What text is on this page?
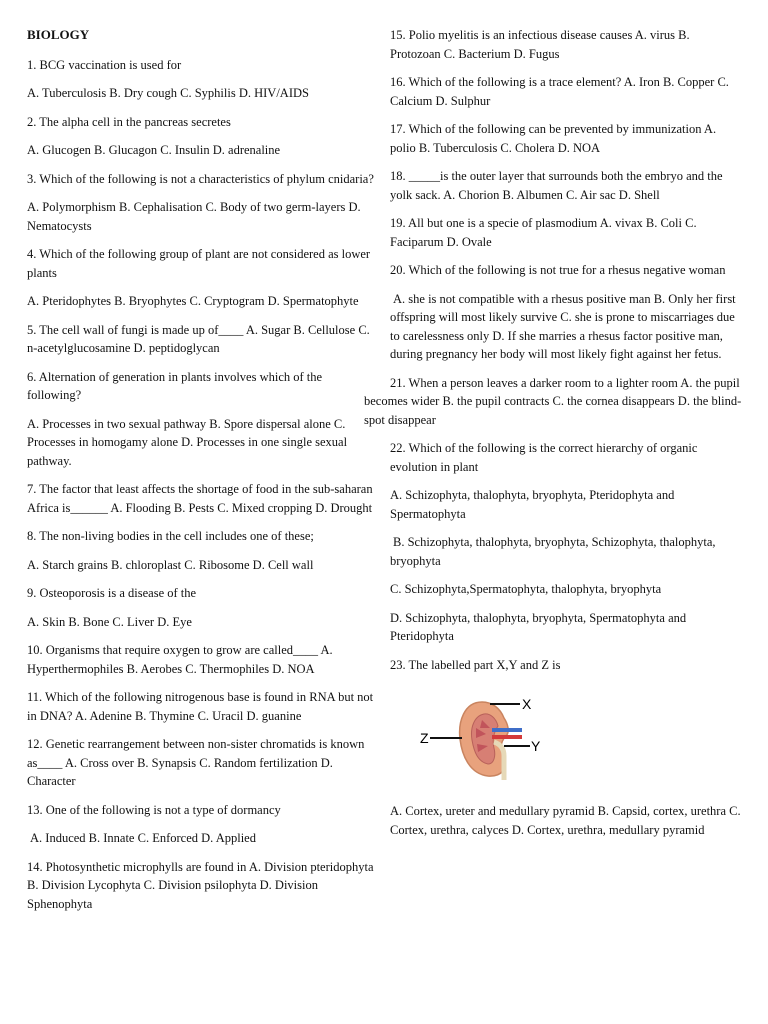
BIOLOGY
1. BCG vaccination is used for
A. Tuberculosis B. Dry cough C. Syphilis D. HIV/AIDS
2. The alpha cell in the pancreas secretes
A. Glucogen B. Glucagon C. Insulin D. adrenaline
3. Which of the following is not a characteristics of phylum cnidaria?
A. Polymorphism B. Cephalisation C. Body of two germ-layers D. Nematocysts
4. Which of the following group of plant are not considered as lower plants
A. Pteridophytes B. Bryophytes C. Cryptogram D. Spermatophyte
5. The cell wall of fungi is made up of____ A. Sugar B. Cellulose C. n-acetylglucosamine D. peptidoglycan
6. Alternation of generation in plants involves which of the following?
A. Processes in two sexual pathway B. Spore dispersal alone C. Processes in homogamy alone D. Processes in one single sexual pathway.
7. The factor that least affects the shortage of food in the sub-saharan Africa is______ A. Flooding B. Pests C. Mixed cropping D. Drought
8. The non-living bodies in the cell includes one of these;
A. Starch grains B. chloroplast C. Ribosome D. Cell wall
9. Osteoporosis is a disease of the
A. Skin B. Bone C. Liver D. Eye
10. Organisms that require oxygen to grow are called____ A. Hyperthermophiles B. Aerobes C. Thermophiles D. NOA
11. Which of the following nitrogenous base is found in RNA but not in DNA? A. Adenine B. Thymine C. Uracil D. guanine
12. Genetic rearrangement between non-sister chromatids is known as____ A. Cross over B. Synapsis C. Random fertilization D. Character
13. One of the following is not a type of dormancy
A. Induced B. Innate C. Enforced D. Applied
14. Photosynthetic microphylls are found in A. Division pteridophyta B. Division Lycophyta C. Division psilophyta D. Division Sphenophyta
15. Polio myelitis is an infectious disease causes A. virus B. Protozoan C. Bacterium D. Fugus
16. Which of the following is a trace element? A. Iron B. Copper C. Calcium D. Sulphur
17. Which of the following can be prevented by immunization A. polio B. Tuberculosis C. Cholera D. NOA
18. _____is the outer layer that surrounds both the embryo and the yolk sack. A. Chorion B. Albumen C. Air sac D. Shell
19. All but one is a specie of plasmodium A. vivax B. Coli C. Faciparum D. Ovale
20. Which of the following is not true for a rhesus negative woman
A. she is not compatible with a rhesus positive man B. Only her first offspring will most likely survive C. she is prone to miscarriages due to carelessness only D. If she marries a rhesus factor positive man, during pregnancy her body will most likely fight against her fetus.
21. When a person leaves a darker room to a lighter room A. the pupil becomes wider B. the pupil contracts C. the cornea disappears D. the blind-spot disappear
22. Which of the following is the correct hierarchy of organic evolution in plant
A. Schizophyta, thalophyta, bryophyta, Pteridophyta and Spermatophyta
B. Schizophyta, thalophyta, bryophyta, Schizophyta, thalophyta, bryophyta
C. Schizophyta,Spermatophyta, thalophyta, bryophyta
D. Schizophyta, thalophyta, bryophyta, Spermatophyta and Pteridophyta
23. The labelled part X,Y and Z is
X
Y
Z
A. Cortex, ureter and medullary pyramid B. Capsid, cortex, urethra C. Cortex, urethra, calyces D. Cortex, urethra, medullary pyramid
